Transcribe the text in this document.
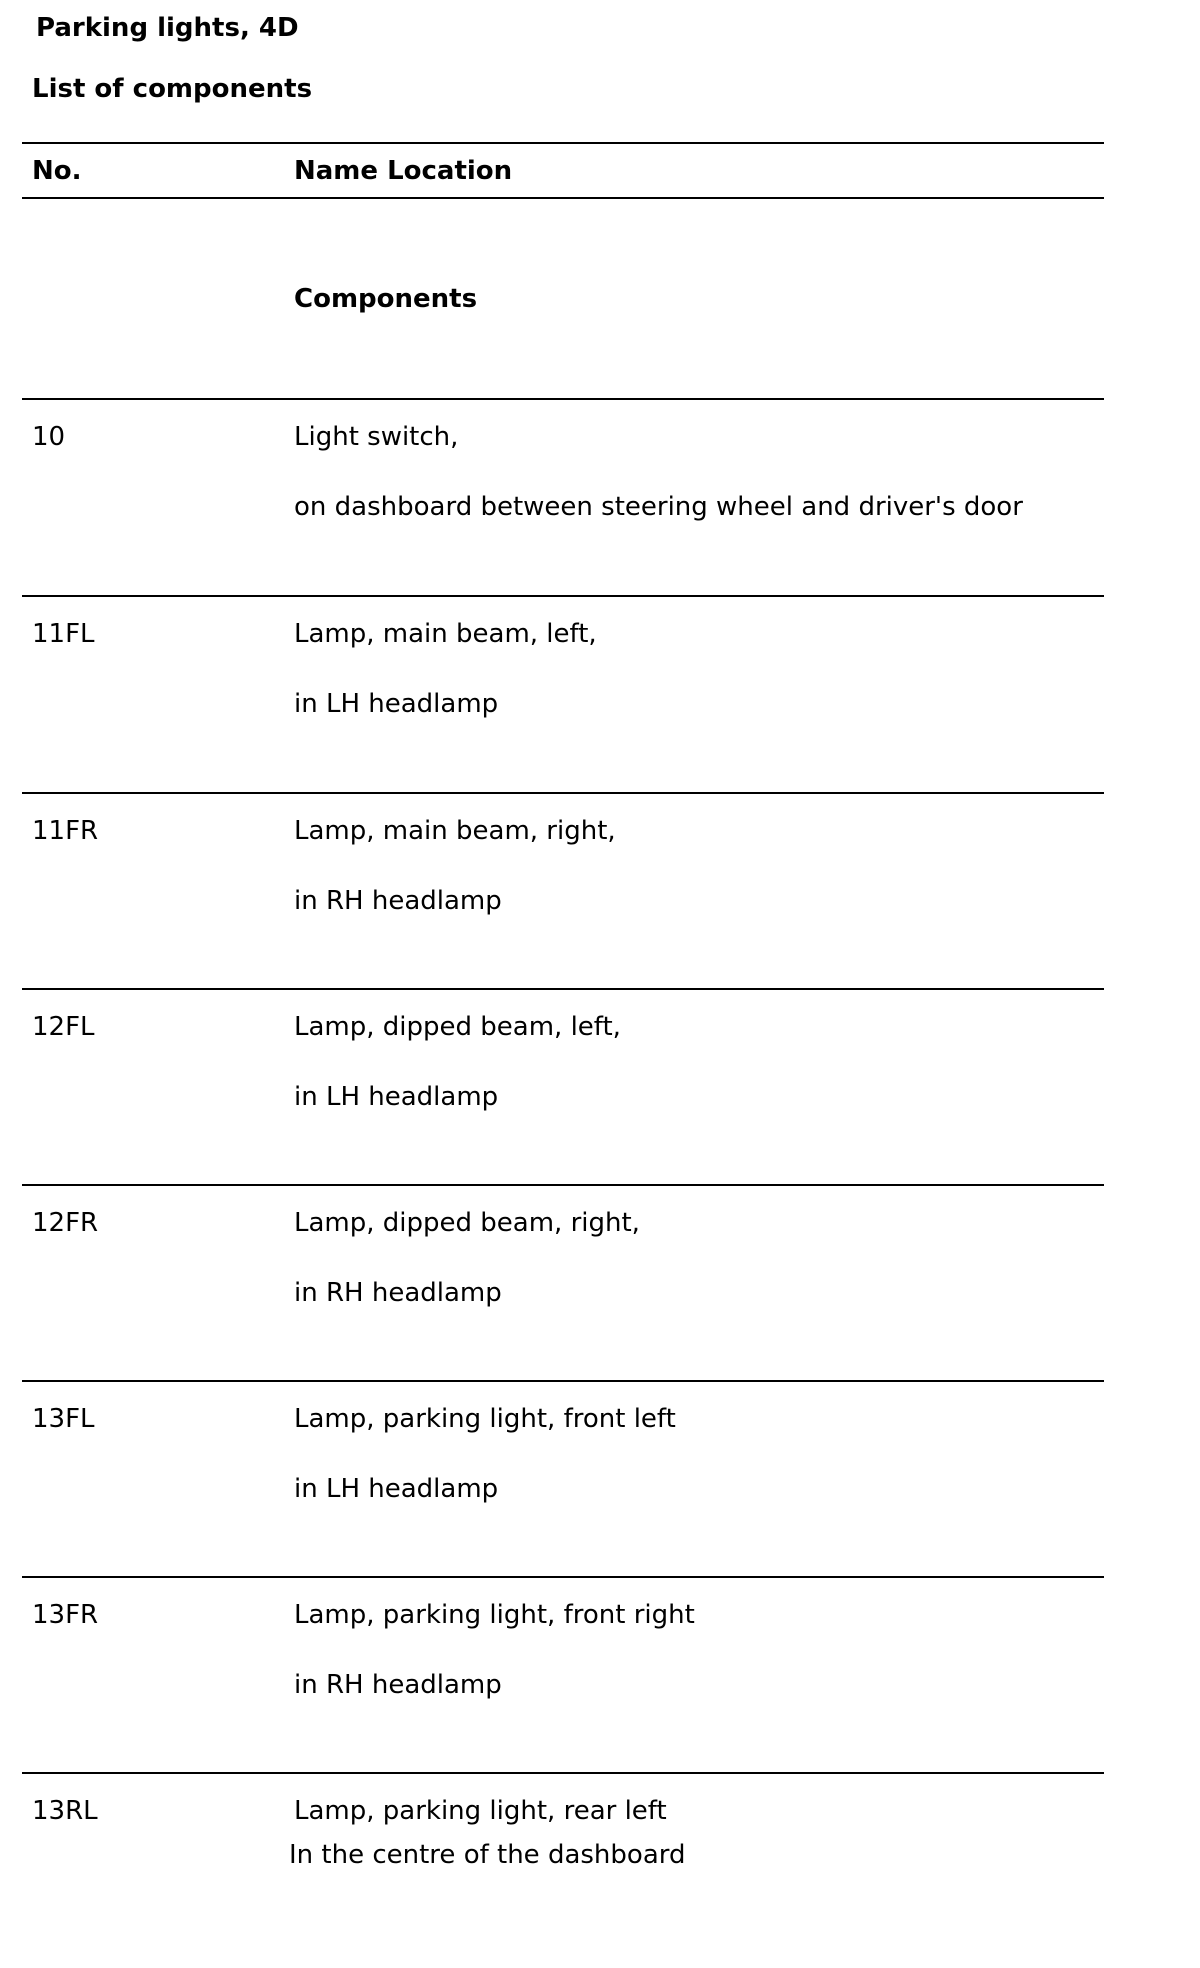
Parking lights, 4D
List of components
No.	Name Location
Components
10	Light switch,
on dashboard between steering wheel and driver's door
11FL	Lamp, main beam, left,
in LH headlamp
11FR	Lamp, main beam, right,
in RH headlamp
12FL	Lamp, dipped beam, left,
in LH headlamp
12FR	Lamp, dipped beam, right,
in RH headlamp
13FL	Lamp, parking light, front left
in LH headlamp
13FR	Lamp, parking light, front right
in RH headlamp
13RL	Lamp, parking light, rear left
In the centre of the dashboard
